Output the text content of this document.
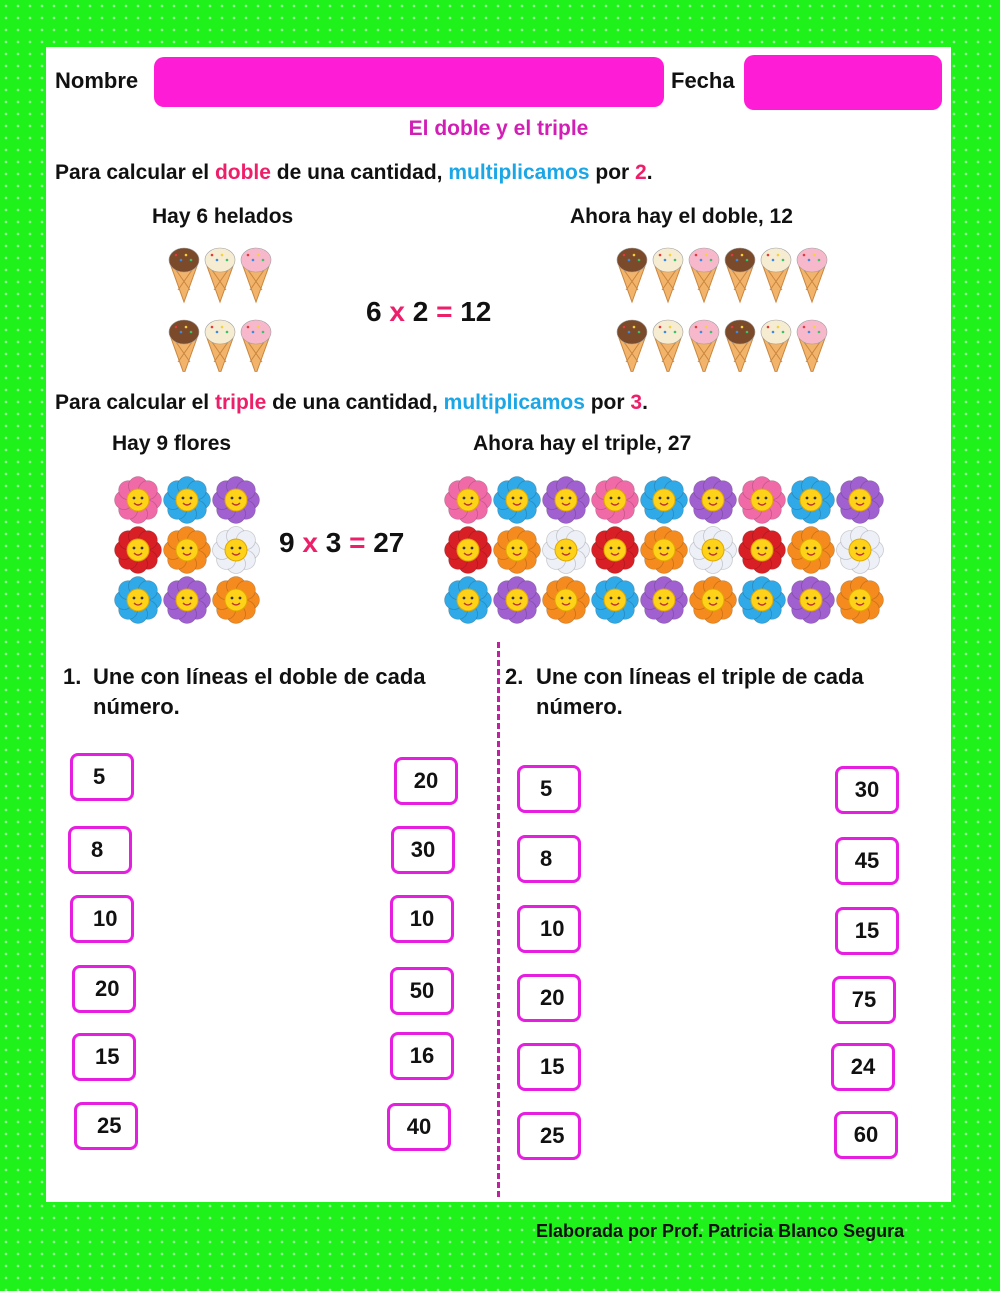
Nombre	Fecha
El doble y el triple
Para calcular el doble de una cantidad, multiplicamos por 2.
Hay 6 helados	Ahora hay el doble, 12
6 x 2 = 12
Para calcular el triple de una cantidad, multiplicamos por 3.
Hay 9 flores	Ahora hay el triple, 27
9 x 3 = 27
1. Une con líneas el doble de cada
número.
5
8
10
20
15
25
20
30
10
50
16
40
2. Une con líneas el triple de cada
número.
5
8
10
20
15
25
30
45
15
75
24
60
Elaborada por Prof. Patricia Blanco Segura
